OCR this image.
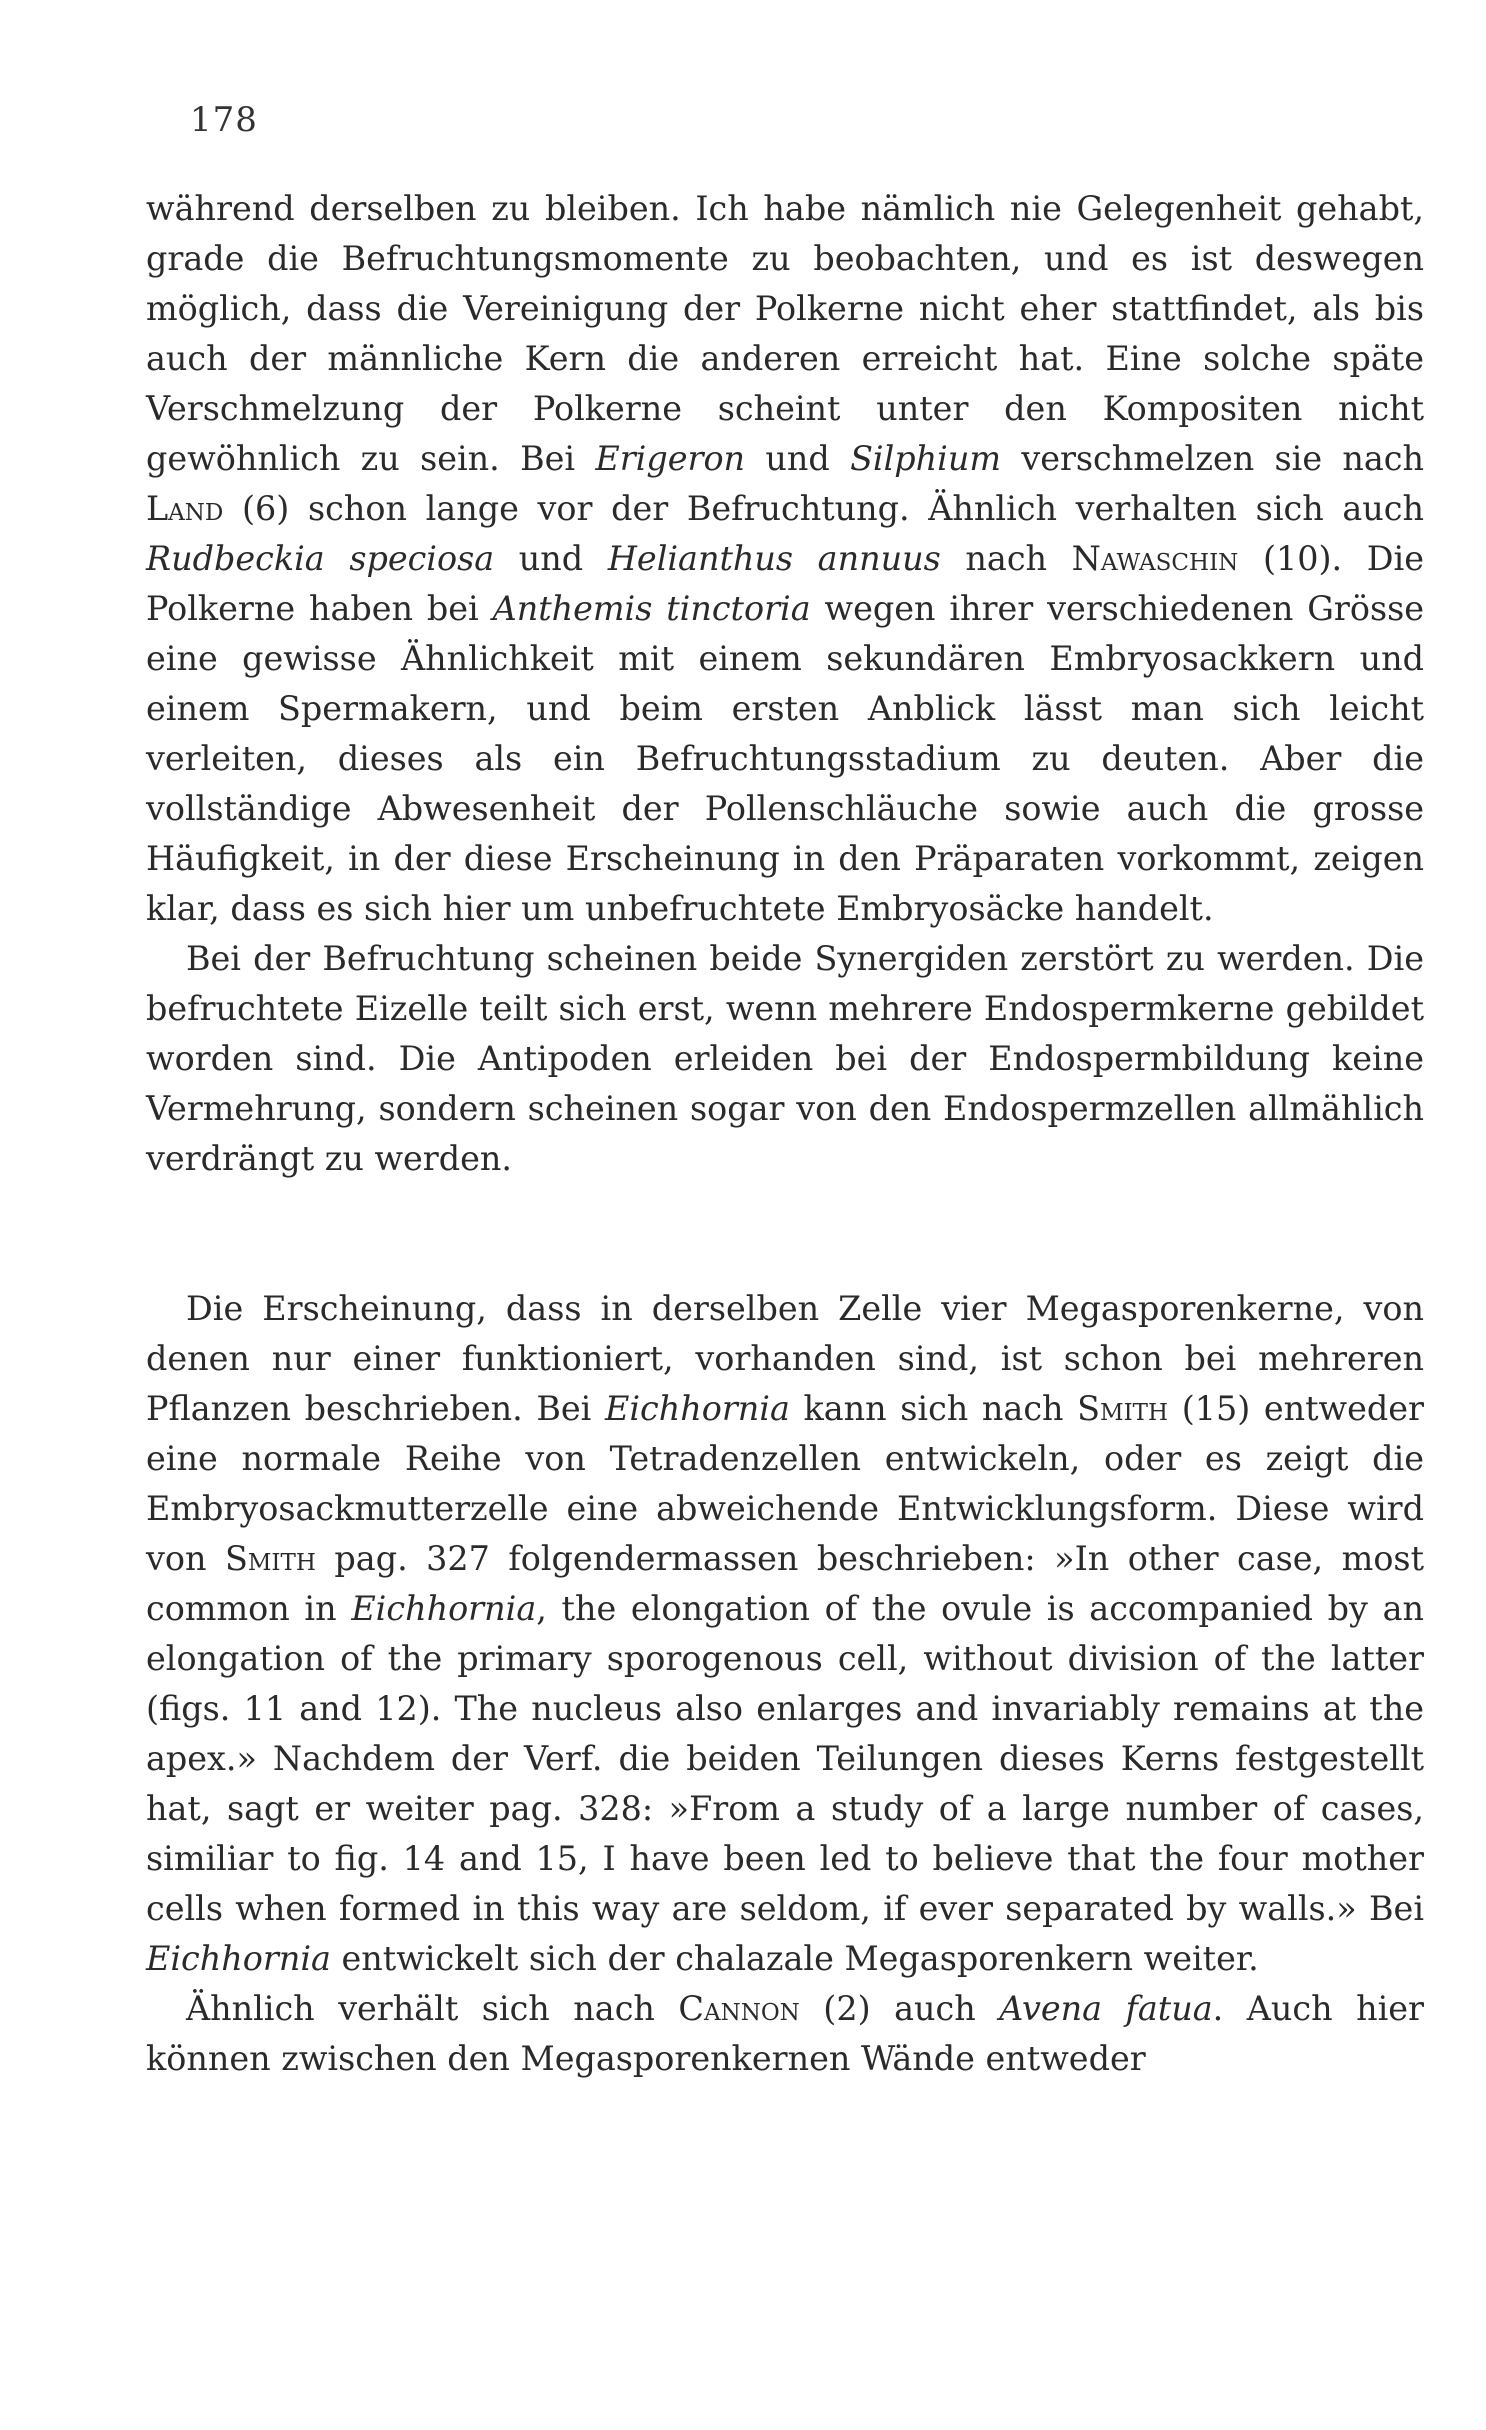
178

während derselben zu bleiben. Ich habe nämlich nie Gelegenheit gehabt, grade die Befruchtungsmomente zu beobachten, und es ist deswegen möglich, dass die Vereinigung der Polkerne nicht eher stattfindet, als bis auch der männliche Kern die anderen erreicht hat. Eine solche späte Verschmelzung der Polkerne scheint unter den Kompositen nicht gewöhnlich zu sein. Bei Erigeron und Silphium verschmelzen sie nach Land (6) schon lange vor der Befruchtung. Ähnlich verhalten sich auch Rudbeckia speciosa und Helianthus annuus nach Nawaschin (10). Die Polkerne haben bei Anthemis tinctoria wegen ihrer verschiedenen Grösse eine gewisse Ähnlichkeit mit einem sekundären Embryosackkern und einem Spermakern, und beim ersten Anblick lässt man sich leicht verleiten, dieses als ein Befruchtungsstadium zu deuten. Aber die vollständige Abwesenheit der Pollenschläuche sowie auch die grosse Häufigkeit, in der diese Erscheinung in den Präparaten vorkommt, zeigen klar, dass es sich hier um unbefruchtete Embryosäcke handelt.

Bei der Befruchtung scheinen beide Synergiden zerstört zu werden. Die befruchtete Eizelle teilt sich erst, wenn mehrere Endospermkerne gebildet worden sind. Die Antipoden erleiden bei der Endospermbildung keine Vermehrung, sondern scheinen sogar von den Endospermzellen allmählich verdrängt zu werden.

Die Erscheinung, dass in derselben Zelle vier Megasporenkerne, von denen nur einer funktioniert, vorhanden sind, ist schon bei mehreren Pflanzen beschrieben. Bei Eichhornia kann sich nach Smith (15) entweder eine normale Reihe von Tetradenzellen entwickeln, oder es zeigt die Embryosackmutterzelle eine abweichende Entwicklungsform. Diese wird von Smith pag. 327 folgendermassen beschrieben: »In other case, most common in Eichhornia, the elongation of the ovule is accompanied by an elongation of the primary sporogenous cell, without division of the latter (figs. 11 and 12). The nucleus also enlarges and invariably remains at the apex.» Nachdem der Verf. die beiden Teilungen dieses Kerns festgestellt hat, sagt er weiter pag. 328: »From a study of a large number of cases, similiar to fig. 14 and 15, I have been led to believe that the four mother cells when formed in this way are seldom, if ever separated by walls.» Bei Eichhornia entwickelt sich der chalazale Megasporenkern weiter.

Ähnlich verhält sich nach Cannon (2) auch Avena fatua. Auch hier können zwischen den Megasporenkernen Wände entweder
